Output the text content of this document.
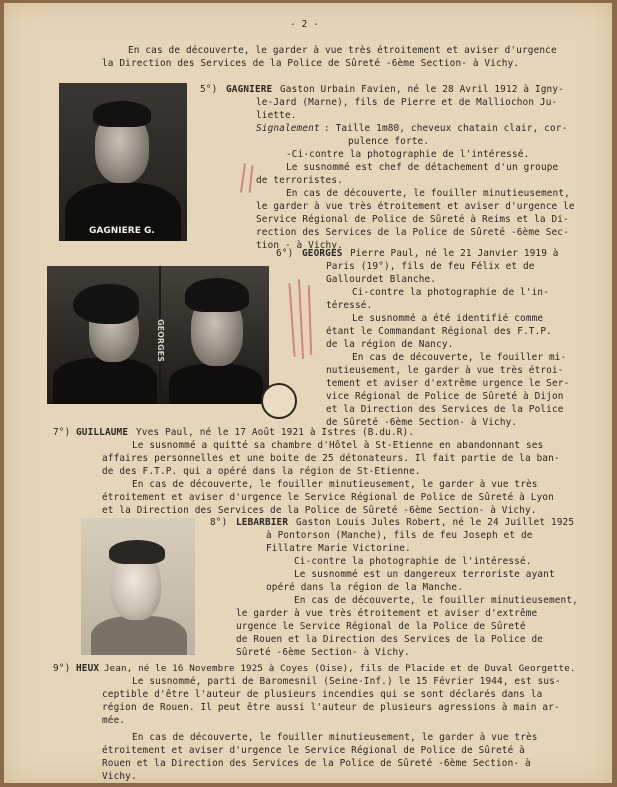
- 2 -
En cas de découverte, le garder à vue très étroitement et aviser d'urgence
la Direction des Services de la Police de Sûreté -6ème Section- à Vichy.
GAGNIERE G.
5°) GAGNIERE Gaston Urbain Favien, né le 28 Avril 1912 à Igny-
le-Jard (Marne), fils de Pierre et de Malliochon Ju-
liette.
Signalement : Taille 1m80, cheveux chatain clair, cor-
pulence forte.
-Ci-contre la photographie de l'intéressé.
Le susnommé est chef de détachement d'un groupe
de terroristes.
En cas de découverte, le fouiller minutieusement,
le garder à vue très étroitement et aviser d'urgence le
Service Régional de Police de Sûreté à Reims et la Di-
rection des Services de la Police de Sûreté -6ème Sec-
tion - à Vichy.
GEORGES
6°) GEORGES Pierre Paul, né le 21 Janvier 1919 à
Paris (19°), fils de feu Félix et de
Gallourdet Blanche.
Ci-contre la photographie de l'in-
téressé.
Le susnommé a été identifié comme
étant le Commandant Régional des F.T.P.
de la région de Nancy.
En cas de découverte, le fouiller mi-
nutieusement, le garder à vue très étroi-
tement et aviser d'extrême urgence le Ser-
vice Régional de Police de Sûreté à Dijon
et la Direction des Services de la Police
de Sûreté -6ème Section- à Vichy.
7°) GUILLAUME Yves Paul, né le 17 Août 1921 à Istres (B.du.R).
Le susnommé a quitté sa chambre d'Hôtel à St-Etienne en abandonnant ses
affaires personnelles et une boite de 25 détonateurs. Il fait partie de la ban-
de des F.T.P. qui a opéré dans la région de St-Etienne.
En cas de découverte, le fouiller minutieusement, le garder à vue très
étroitement et aviser d'urgence le Service Régional de Police de Sûreté à Lyon
et la Direction des Services de la Police de Sûreté -6ème Section- à Vichy.
8°) LEBARBIER Gaston Louis Jules Robert, né le 24 Juillet 1925
à Pontorson (Manche), fils de feu Joseph et de
Fillatre Marie Victorine.
Ci-contre la photographie de l'intéressé.
Le susnommé est un dangereux terroriste ayant
opéré dans la région de la Manche.
En cas de découverte, le fouiller minutieusement,
le garder à vue très étroitement et aviser d'extrême
urgence le Service Régional de la Police de Sûreté
de Rouen et la Direction des Services de la Police de
Sûreté -6ème Section- à Vichy.
9°) HEUX Jean, né le 16 Novembre 1925 à Coyes (Oise), fils de Placide et de Duval Georgette.
Le susnommé, parti de Baromesnil (Seine-Inf.) le 15 Février 1944, est sus-
ceptible d'être l'auteur de plusieurs incendies qui se sont déclarés dans la
région de Rouen. Il peut être aussi l'auteur de plusieurs agressions à main ar-
mée.
En cas de découverte, le fouiller minutieusement, le garder à vue très
étroitement et aviser d'urgence le Service Régional de Police de Sûreté à
Rouen et la Direction des Services de la Police de Sûreté -6ème Section- à
Vichy.
